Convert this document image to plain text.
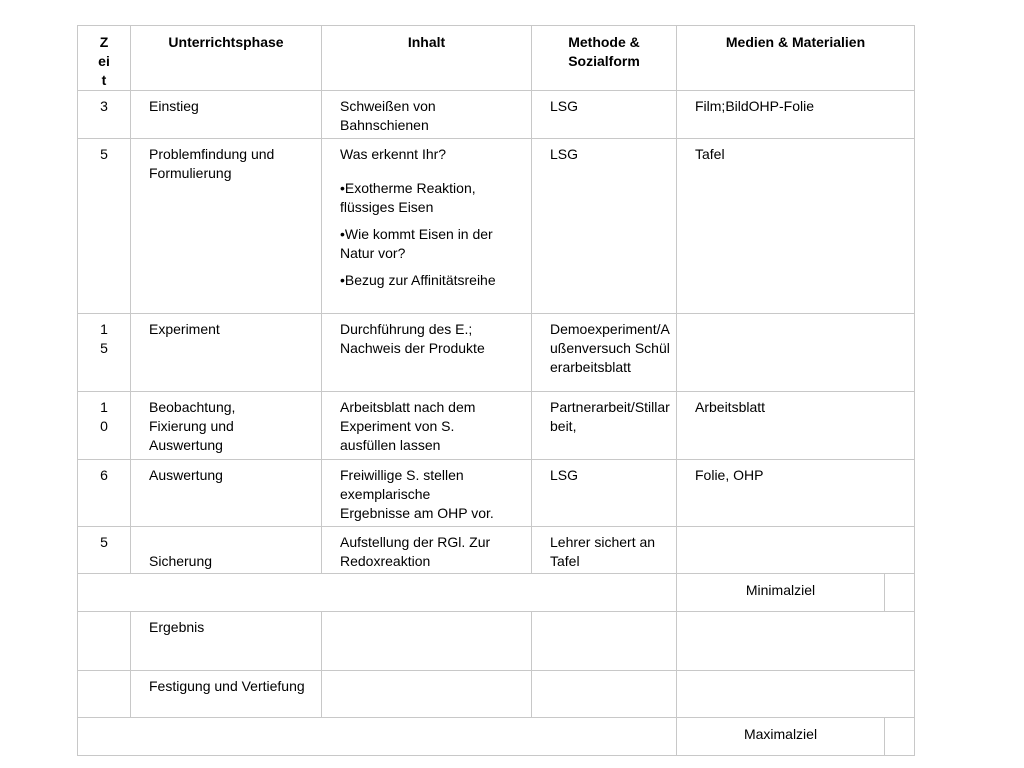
Zeit	Unterrichtsphase	Inhalt	Methode & Sozialform	Medien & Materialien	

3	Einstieg	Schweißen von Bahnschienen	LSG	Film;BildOHP-Folie	

5	Problemfindung und Formulierung	Was erkennt Ihr?
•Exotherme Reaktion, flüssiges Eisen
•Wie kommt Eisen in der Natur vor?
•Bezug zur Affinitätsreihe	LSG	Tafel	

15	Experiment	Durchführung des E.; Nachweis der Produkte	Demoexperiment/Außenversuch Schülerarbeitsblatt		

10	Beobachtung, Fixierung und Auswertung	Arbeitsblatt nach dem Experiment von S. ausfüllen lassen	Partnerarbeit/Stillarbeit,	Arbeitsblatt	

6	Auswertung	Freiwillige S. stellen exemplarische Ergebnisse am OHP vor.	LSG	Folie, OHP	

5	Sicherung	Aufstellung der RGl. Zur Redoxreaktion	Lehrer sichert an Tafel		

				Minimalziel	

	Ergebnis				

	Festigung und Vertiefung				

				Maximalziel	
